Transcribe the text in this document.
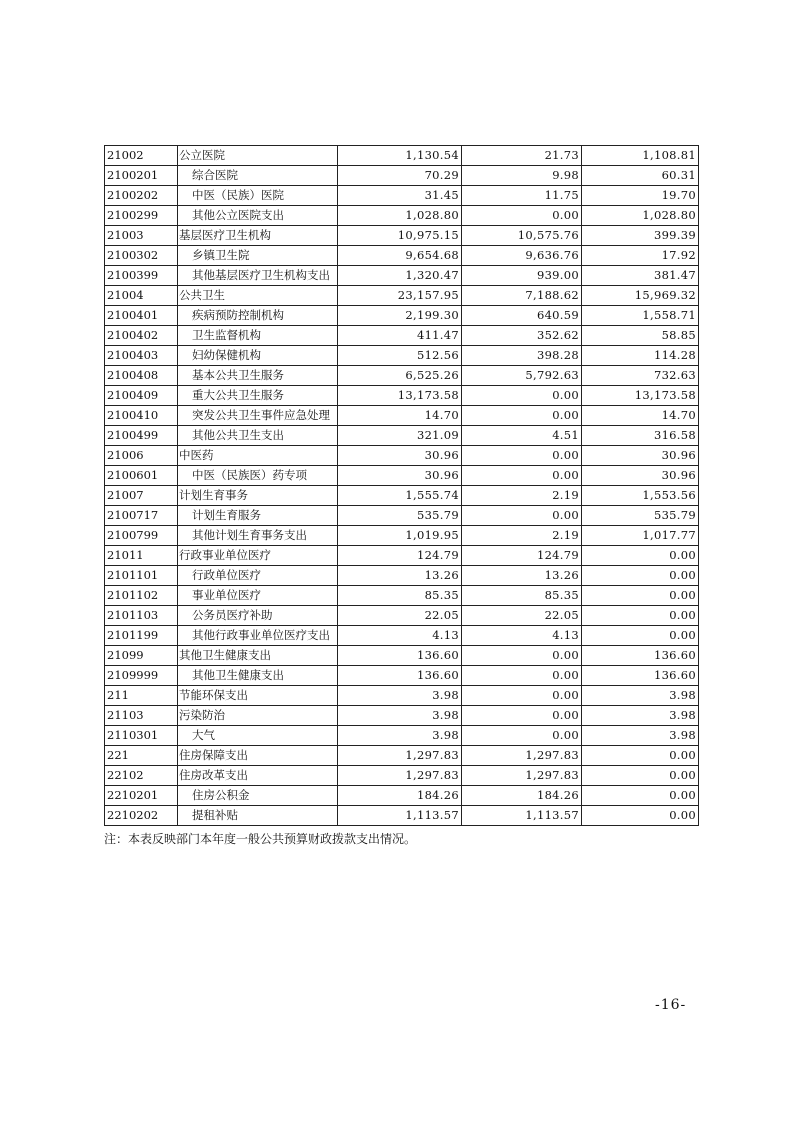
21002	公立医院	1,130.54	21.73	1,108.81
2100201	综合医院	70.29	9.98	60.31
2100202	中医（民族）医院	31.45	11.75	19.70
2100299	其他公立医院支出	1,028.80	0.00	1,028.80
21003	基层医疗卫生机构	10,975.15	10,575.76	399.39
2100302	乡镇卫生院	9,654.68	9,636.76	17.92
2100399	其他基层医疗卫生机构支出	1,320.47	939.00	381.47
21004	公共卫生	23,157.95	7,188.62	15,969.32
2100401	疾病预防控制机构	2,199.30	640.59	1,558.71
2100402	卫生监督机构	411.47	352.62	58.85
2100403	妇幼保健机构	512.56	398.28	114.28
2100408	基本公共卫生服务	6,525.26	5,792.63	732.63
2100409	重大公共卫生服务	13,173.58	0.00	13,173.58
2100410	突发公共卫生事件应急处理	14.70	0.00	14.70
2100499	其他公共卫生支出	321.09	4.51	316.58
21006	中医药	30.96	0.00	30.96
2100601	中医（民族医）药专项	30.96	0.00	30.96
21007	计划生育事务	1,555.74	2.19	1,553.56
2100717	计划生育服务	535.79	0.00	535.79
2100799	其他计划生育事务支出	1,019.95	2.19	1,017.77
21011	行政事业单位医疗	124.79	124.79	0.00
2101101	行政单位医疗	13.26	13.26	0.00
2101102	事业单位医疗	85.35	85.35	0.00
2101103	公务员医疗补助	22.05	22.05	0.00
2101199	其他行政事业单位医疗支出	4.13	4.13	0.00
21099	其他卫生健康支出	136.60	0.00	136.60
2109999	其他卫生健康支出	136.60	0.00	136.60
211	节能环保支出	3.98	0.00	3.98
21103	污染防治	3.98	0.00	3.98
2110301	大气	3.98	0.00	3.98
221	住房保障支出	1,297.83	1,297.83	0.00
22102	住房改革支出	1,297.83	1,297.83	0.00
2210201	住房公积金	184.26	184.26	0.00
2210202	提租补贴	1,113.57	1,113.57	0.00
注：本表反映部门本年度一般公共预算财政拨款支出情况。
-16-
